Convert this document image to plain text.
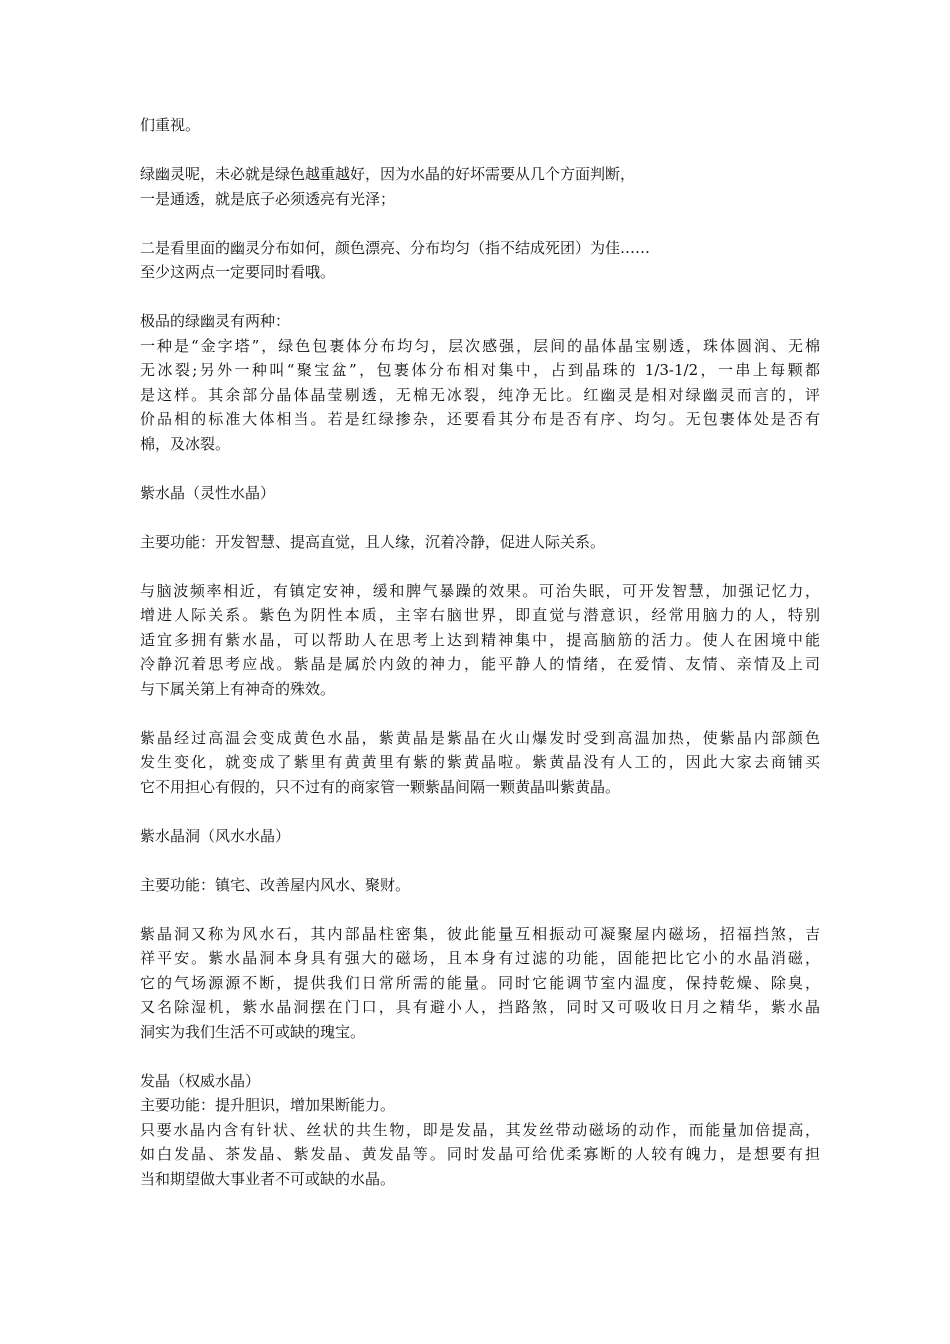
们重视。
绿幽灵呢，未必就是绿色越重越好，因为水晶的好坏需要从几个方面判断，
一是通透，就是底子必须透亮有光泽；
二是看里面的幽灵分布如何，颜色漂亮、分布均匀（指不结成死团）为佳……
至少这两点一定要同时看哦。
极品的绿幽灵有两种：
一种是“金字塔”，绿色包裹体分布均匀，层次感强，层间的晶体晶宝剔透，珠体圆润、无棉
无冰裂;另外一种叫“聚宝盆”，包裹体分布相对集中，占到晶珠的 1/3-1/2，一串上每颗都
是这样。其余部分晶体晶莹剔透，无棉无冰裂，纯净无比。红幽灵是相对绿幽灵而言的，评
价品相的标准大体相当。若是红绿掺杂，还要看其分布是否有序、均匀。无包裹体处是否有
棉，及冰裂。
紫水晶（灵性水晶）
主要功能：开发智慧、提高直觉，且人缘，沉着冷静，促进人际关系。
与脑波频率相近，有镇定安神，缓和脾气暴躁的效果。可治失眠，可开发智慧，加强记忆力，
增进人际关系。紫色为阴性本质，主宰右脑世界，即直觉与潜意识，经常用脑力的人，特别
适宜多拥有紫水晶，可以帮助人在思考上达到精神集中，提高脑筋的活力。使人在困境中能
冷静沉着思考应战。紫晶是属於内敛的神力，能平静人的情绪，在爱情、友情、亲情及上司
与下属关第上有神奇的殊效。
紫晶经过高温会变成黄色水晶，紫黄晶是紫晶在火山爆发时受到高温加热，使紫晶内部颜色
发生变化，就变成了紫里有黄黄里有紫的紫黄晶啦。紫黄晶没有人工的，因此大家去商铺买
它不用担心有假的，只不过有的商家管一颗紫晶间隔一颗黄晶叫紫黄晶。
紫水晶洞（风水水晶）
主要功能：镇宅、改善屋内风水、聚财。
紫晶洞又称为风水石，其内部晶柱密集，彼此能量互相振动可凝聚屋内磁场，招福挡煞，吉
祥平安。紫水晶洞本身具有强大的磁场，且本身有过滤的功能，固能把比它小的水晶消磁，
它的气场源源不断，提供我们日常所需的能量。同时它能调节室内温度，保持乾燥、除臭，
又名除湿机，紫水晶洞摆在门口，具有避小人，挡路煞，同时又可吸收日月之精华，紫水晶
洞实为我们生活不可或缺的瑰宝。
发晶（权威水晶）
主要功能：提升胆识，增加果断能力。
只要水晶内含有针状、丝状的共生物，即是发晶，其发丝带动磁场的动作，而能量加倍提高，
如白发晶、茶发晶、紫发晶、黄发晶等。同时发晶可给优柔寡断的人较有魄力，是想要有担
当和期望做大事业者不可或缺的水晶。
